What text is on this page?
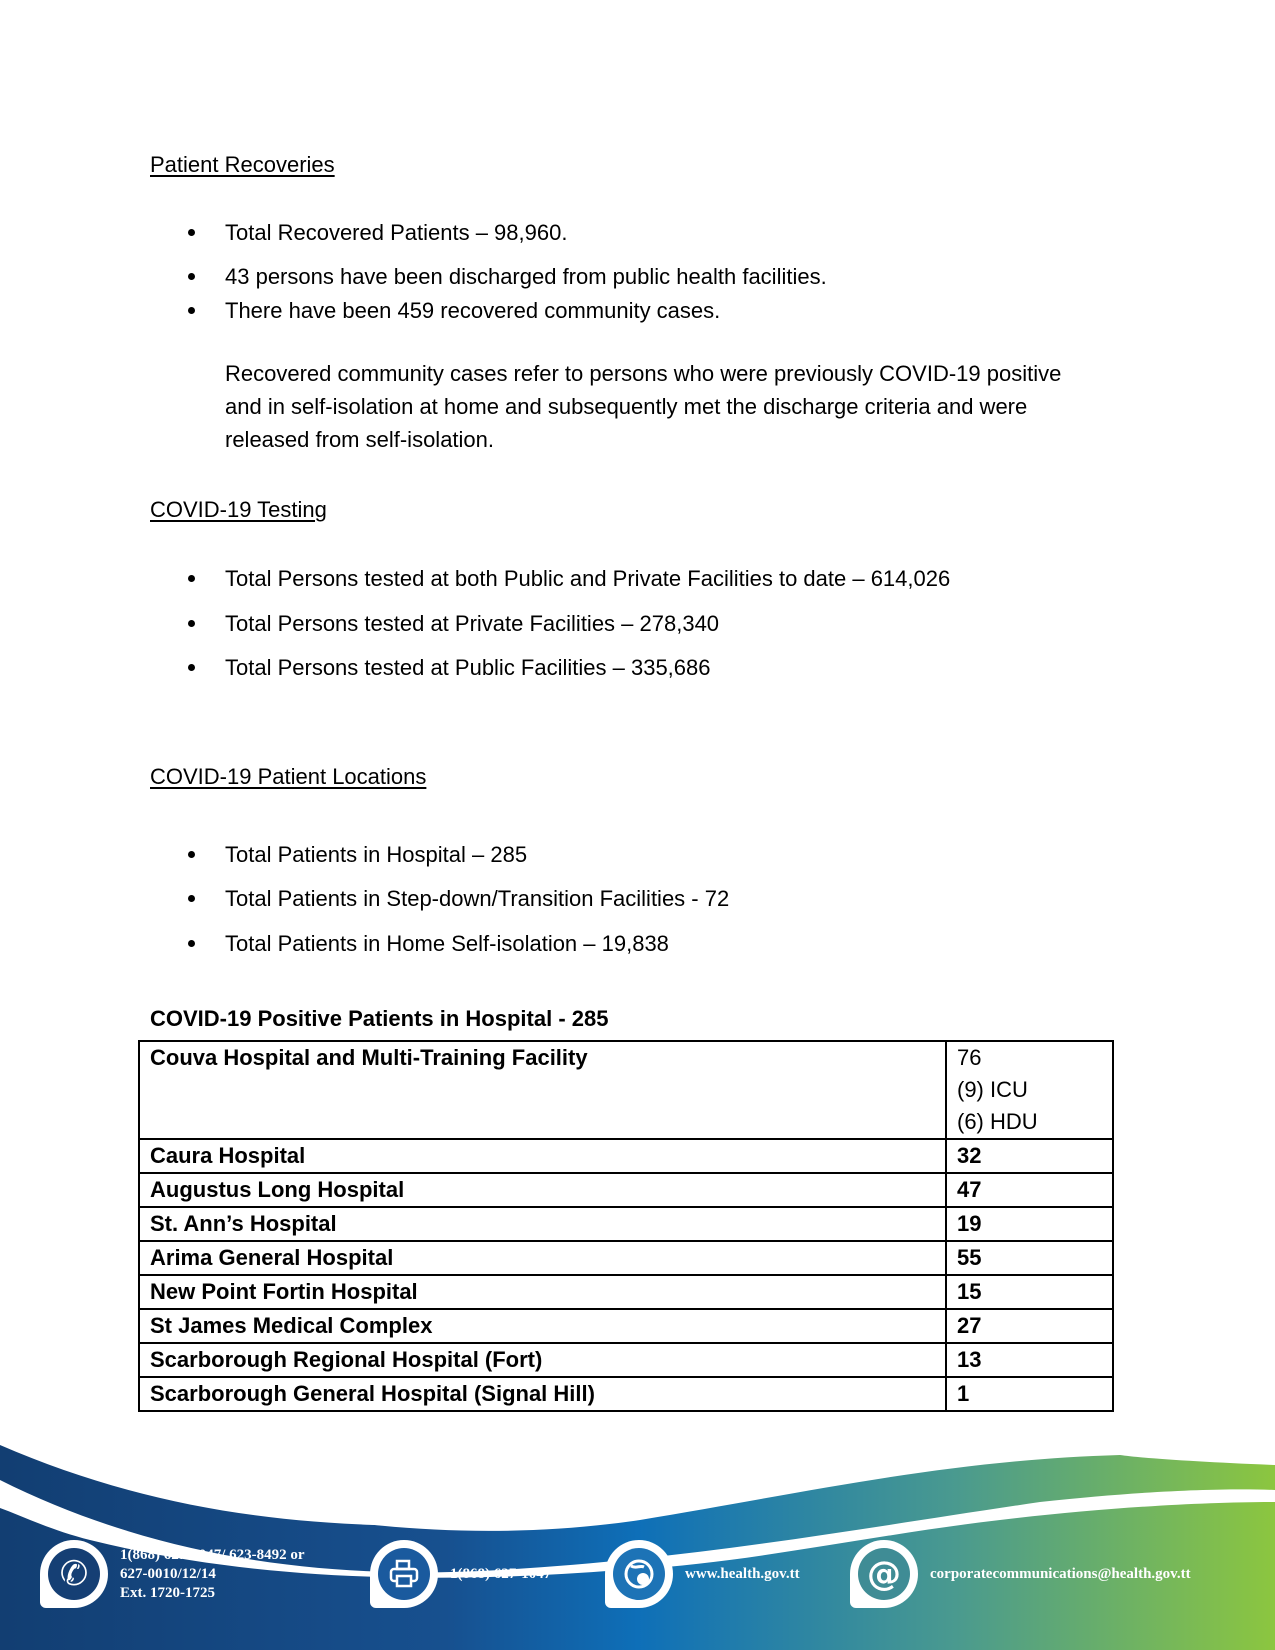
Patient Recoveries
Total Recovered Patients – 98,960.
43 persons have been discharged from public health facilities.
There have been 459 recovered community cases.
Recovered community cases refer to persons who were previously COVID-19 positive
and in self-isolation at home and subsequently met the discharge criteria and were
released from self-isolation.
COVID-19 Testing
Total Persons tested at both Public and Private Facilities to date – 614,026
Total Persons tested at Private Facilities – 278,340
Total Persons tested at Public Facilities – 335,686
COVID-19 Patient Locations
Total Patients in Hospital – 285
Total Patients in Step-down/Transition Facilities - 72
Total Patients in Home Self-isolation – 19,838
COVID-19 Positive Patients in Hospital - 285
Couva Hospital and Multi-Training Facility	76
(9) ICU
(6) HDU

Caura Hospital	32
Augustus Long Hospital	47
St. Ann’s Hospital	19
Arima General Hospital	55
New Point Fortin Hospital	15
St James Medical Complex	27
Scarborough Regional Hospital (Fort)	13
Scarborough General Hospital (Signal Hill)	1
✆	1(868) 627-1047/ 623-8492 or
627-0010/12/14
Ext. 1720-1725
1(868) 627-1047	www.health.gov.tt @	corporatecommunications@health.gov.tt
